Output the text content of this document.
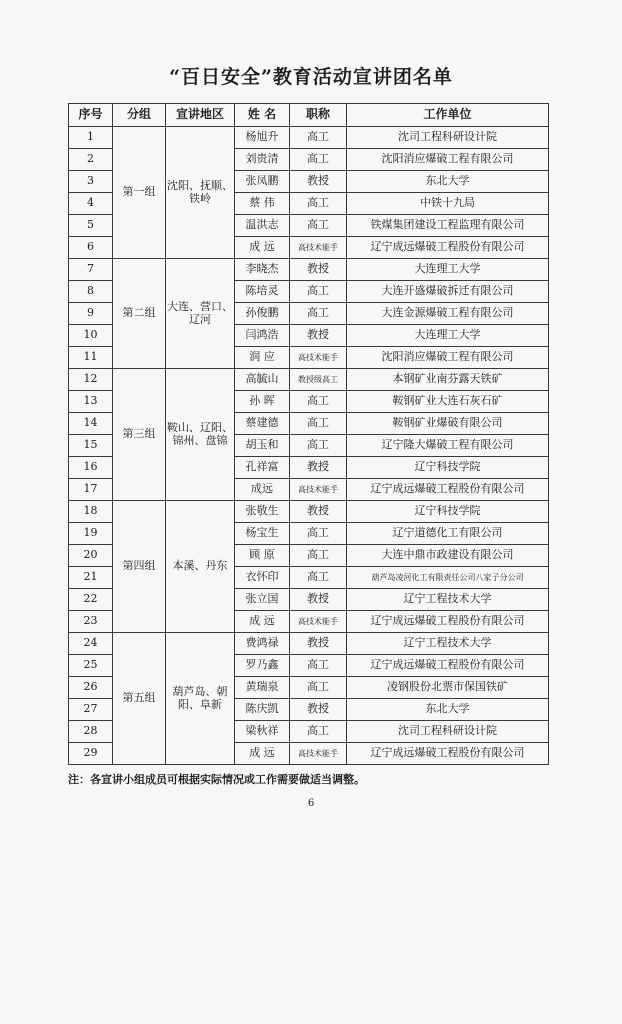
“百日安全”教育活动宣讲团名单
序号	分组	宣讲地区	姓 名	职称	工作单位
1	第一组	沈阳、抚顺、铁岭	杨旭升	高工	沈司工程科研设计院
2			刘贵清	高工	沈阳消应爆破工程有限公司
3			张凤鹏	教授	东北大学
4			蔡 伟	高工	中铁十九局
5			温洪志	高工	铁煤集团建设工程监理有限公司
6			成 远	高技术能手	辽宁成远爆破工程股份有限公司
7	第二组	大连、营口、辽河	李晓杰	教授	大连理工大学
8			陈培灵	高工	大连开盛爆破拆迁有限公司
9			孙俊鹏	高工	大连金源爆破工程有限公司
10			闫鸿浩	教授	大连理工大学
11			润 应	高技术能手	沈阳消应爆破工程有限公司
12	第三组	鞍山、辽阳、锦州、盘锦	高毓山	教授级高工	本钢矿业南芬露天铁矿
13			孙 晖	高工	鞍钢矿业大连石灰石矿
14			蔡建德	高工	鞍钢矿业爆破有限公司
15			胡玉和	高工	辽宁隆大爆破工程有限公司
16			孔祥富	教授	辽宁科技学院
17			成远	高技术能手	辽宁成远爆破工程股份有限公司
18	第四组	本溪、丹东	张敬生	教授	辽宁科技学院
19			杨宝生	高工	辽宁道德化工有限公司
20			顾 原	高工	大连中鼎市政建设有限公司
21			衣怀印	高工	葫芦岛凌河化工有限责任公司八家子分公司
22			张立国	教授	辽宁工程技术大学
23			成 远	高技术能手	辽宁成远爆破工程股份有限公司
24	第五组	葫芦岛、朝阳、阜新	费鸿禄	教授	辽宁工程技术大学
25			罗乃鑫	高工	辽宁成远爆破工程股份有限公司
26			黄瑞泉	高工	凌钢股份北票市保国铁矿
27			陈庆凯	教授	东北大学
28			梁秋祥	高工	沈司工程科研设计院
29			成 远	高技术能手	辽宁成远爆破工程股份有限公司
注：各宣讲小组成员可根据实际情况或工作需要做适当调整。
6
